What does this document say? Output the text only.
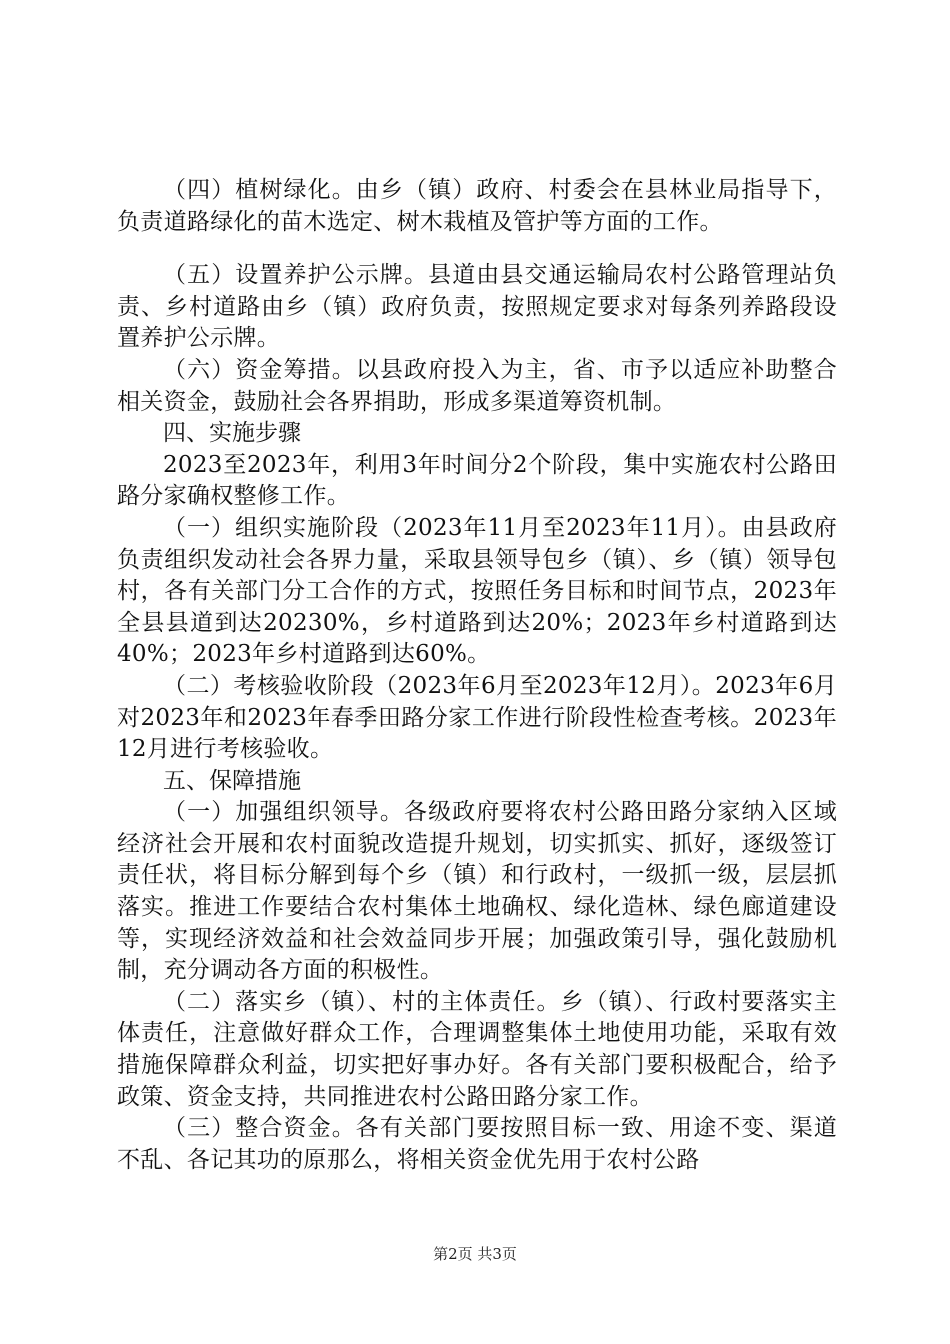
（四）植树绿化。由乡（镇）政府、村委会在县林业局指导下，负责道路绿化的苗木选定、树木栽植及管护等方面的工作。

（五）设置养护公示牌。县道由县交通运输局农村公路管理站负责、乡村道路由乡（镇）政府负责，按照规定要求对每条列养路段设置养护公示牌。

（六）资金筹措。以县政府投入为主，省、市予以适应补助整合相关资金，鼓励社会各界捐助，形成多渠道筹资机制。

四、实施步骤

2023至2023年，利用3年时间分2个阶段，集中实施农村公路田路分家确权整修工作。

（一）组织实施阶段（2023年11月至2023年11月）。由县政府负责组织发动社会各界力量，采取县领导包乡（镇）、乡（镇）领导包村，各有关部门分工合作的方式，按照任务目标和时间节点，2023年全县县道到达20230%，乡村道路到达20%；2023年乡村道路到达40%；2023年乡村道路到达60%。

（二）考核验收阶段（2023年6月至2023年12月）。2023年6月对2023年和2023年春季田路分家工作进行阶段性检查考核。2023年12月进行考核验收。

五、保障措施

（一）加强组织领导。各级政府要将农村公路田路分家纳入区域经济社会开展和农村面貌改造提升规划，切实抓实、抓好，逐级签订责任状，将目标分解到每个乡（镇）和行政村，一级抓一级，层层抓落实。推进工作要结合农村集体土地确权、绿化造林、绿色廊道建设等，实现经济效益和社会效益同步开展；加强政策引导，强化鼓励机制，充分调动各方面的积极性。

（二）落实乡（镇）、村的主体责任。乡（镇）、行政村要落实主体责任，注意做好群众工作，合理调整集体土地使用功能，采取有效措施保障群众利益，切实把好事办好。各有关部门要积极配合，给予政策、资金支持，共同推进农村公路田路分家工作。

（三）整合资金。各有关部门要按照目标一致、用途不变、渠道不乱、各记其功的原那么，将相关资金优先用于农村公路

第2页 共3页
